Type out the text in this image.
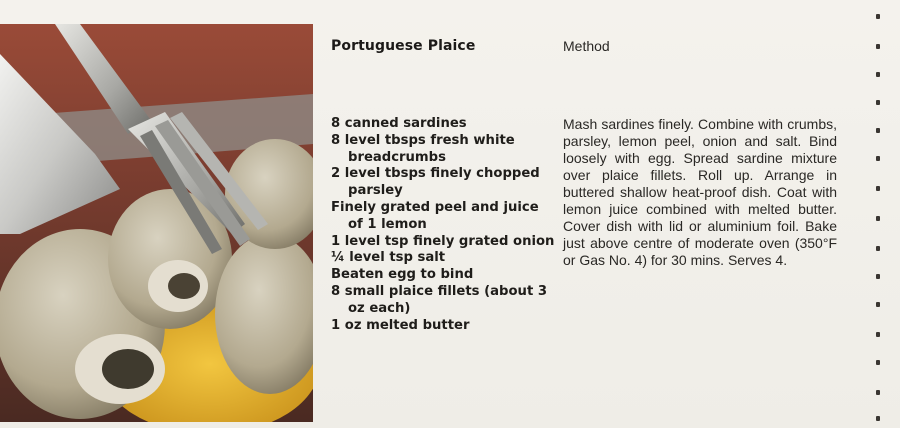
Portuguese Plaice	Method
8 canned sardines
8 level tbsps fresh white breadcrumbs
2 level tbsps finely chopped parsley
Finely grated peel and juice of 1 lemon
1 level tsp finely grated onion
¼ level tsp salt
Beaten egg to bind
8 small plaice fillets (about 3 oz each)
1 oz melted butter

Mash sardines finely. Combine with crumbs, parsley, lemon peel, onion and salt. Bind loosely with egg. Spread sardine mixture over plaice fillets. Roll up. Arrange in buttered shallow heat-proof dish. Coat with lemon juice combined with melted butter. Cover dish with lid or aluminium foil. Bake just above centre of moderate oven (350°F or Gas No. 4) for 30 mins. Serves 4.
